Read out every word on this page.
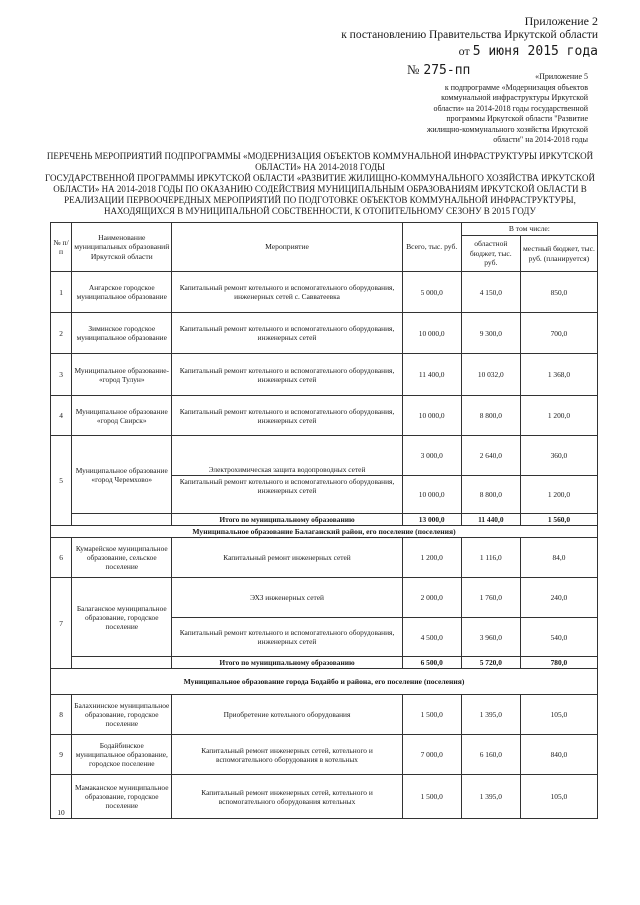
Приложение 2
к постановлению Правительства Иркутской области
от 5 июня 2015 года
№ 275-пп	«Приложение 5
к подпрограмме «Модернизация объектов
коммунальной инфраструктуры Иркутской
области» на 2014-2018 годы государственной
программы Иркутской области "Развитие
жилищно-коммунального хозяйства Иркутской
области" на 2014-2018 годы
ПЕРЕЧЕНЬ МЕРОПРИЯТИЙ ПОДПРОГРАММЫ «МОДЕРНИЗАЦИЯ ОБЪЕКТОВ КОММУНАЛЬНОЙ ИНФРАСТРУКТУРЫ ИРКУТСКОЙ
ОБЛАСТИ» НА 2014-2018 ГОДЫ
ГОСУДАРСТВЕННОЙ ПРОГРАММЫ ИРКУТСКОЙ ОБЛАСТИ «РАЗВИТИЕ ЖИЛИЩНО-КОММУНАЛЬНОГО ХОЗЯЙСТВА ИРКУТСКОЙ
ОБЛАСТИ» НА 2014-2018 ГОДЫ ПО ОКАЗАНИЮ СОДЕЙСТВИЯ МУНИЦИПАЛЬНЫМ ОБРАЗОВАНИЯМ ИРКУТСКОЙ ОБЛАСТИ В
РЕАЛИЗАЦИИ ПЕРВООЧЕРЕДНЫХ МЕРОПРИЯТИЙ ПО ПОДГОТОВКЕ ОБЪЕКТОВ КОММУНАЛЬНОЙ ИНФРАСТРУКТУРЫ,
НАХОДЯЩИХСЯ В МУНИЦИПАЛЬНОЙ СОБСТВЕННОСТИ, К ОТОПИТЕЛЬНОМУ СЕЗОНУ В 2015 ГОДУ
№ п/п	Наименование муниципальных образований Иркутской области	Мероприятие	Всего, тыс. руб.	В том числе:	
				областной бюджет, тыс. руб.	местный бюджет, тыс. руб. (планируется)
1	Ангарское городское муниципальное образование	Капитальный ремонт котельного и вспомогательного оборудования, инженерных сетей с. Савватеевка	5 000,0	4 150,0	850,0
2	Зиминское городское муниципальное образование	Капитальный ремонт котельного и вспомогательного оборудования, инженерных сетей	10 000,0	9 300,0	700,0
3	Муниципальное образование- «город Тулун»	Капитальный ремонт котельного и вспомогательного оборудования, инженерных сетей	11 400,0	10 032,0	1 368,0
4	Муниципальное образование «город Свирск»	Капитальный ремонт котельного и вспомогательного оборудования, инженерных сетей	10 000,0	8 800,0	1 200,0
5	Муниципальное образование «город Черемхово»	Электрохимическая защита водопроводных сетей	3 000,0	2 640,0	360,0
		Капитальный ремонт котельного и вспомогательного оборудования, инженерных сетей	10 000,0	8 800,0	1 200,0
		Итого по муниципальному образованию	13 000,0	11 440,0	1 560,0
Муниципальное образование Балаганский район, его поселение (поселения)					
6	Кумарейское муниципальное образование, сельское поселение	Капитальный ремонт инженерных сетей	1 200,0	1 116,0	84,0
7	Балаганское муниципальное образование, городское поселение	ЭХЗ инженерных сетей	2 000,0	1 760,0	240,0
		Капитальный ремонт котельного и вспомогательного оборудования, инженерных сетей	4 500,0	3 960,0	540,0
		Итого по муниципальному образованию	6 500,0	5 720,0	780,0
Муниципальное образование города Бодайбо и района, его поселение (поселения)					
8	Балахнинское муниципальное образование, городское поселение	Приобретение котельного оборудования	1 500,0	1 395,0	105,0
9	Бодайбинское муниципальное образование, городское поселение	Капитальный ремонт инженерных сетей, котельного и вспомогательного оборудования в котельных	7 000,0	6 160,0	840,0
10	Мамаканское муниципальное образование, городское поселение	Капитальный ремонт инженерных сетей, котельного и вспомогательного оборудования котельных	1 500,0	1 395,0	105,0
